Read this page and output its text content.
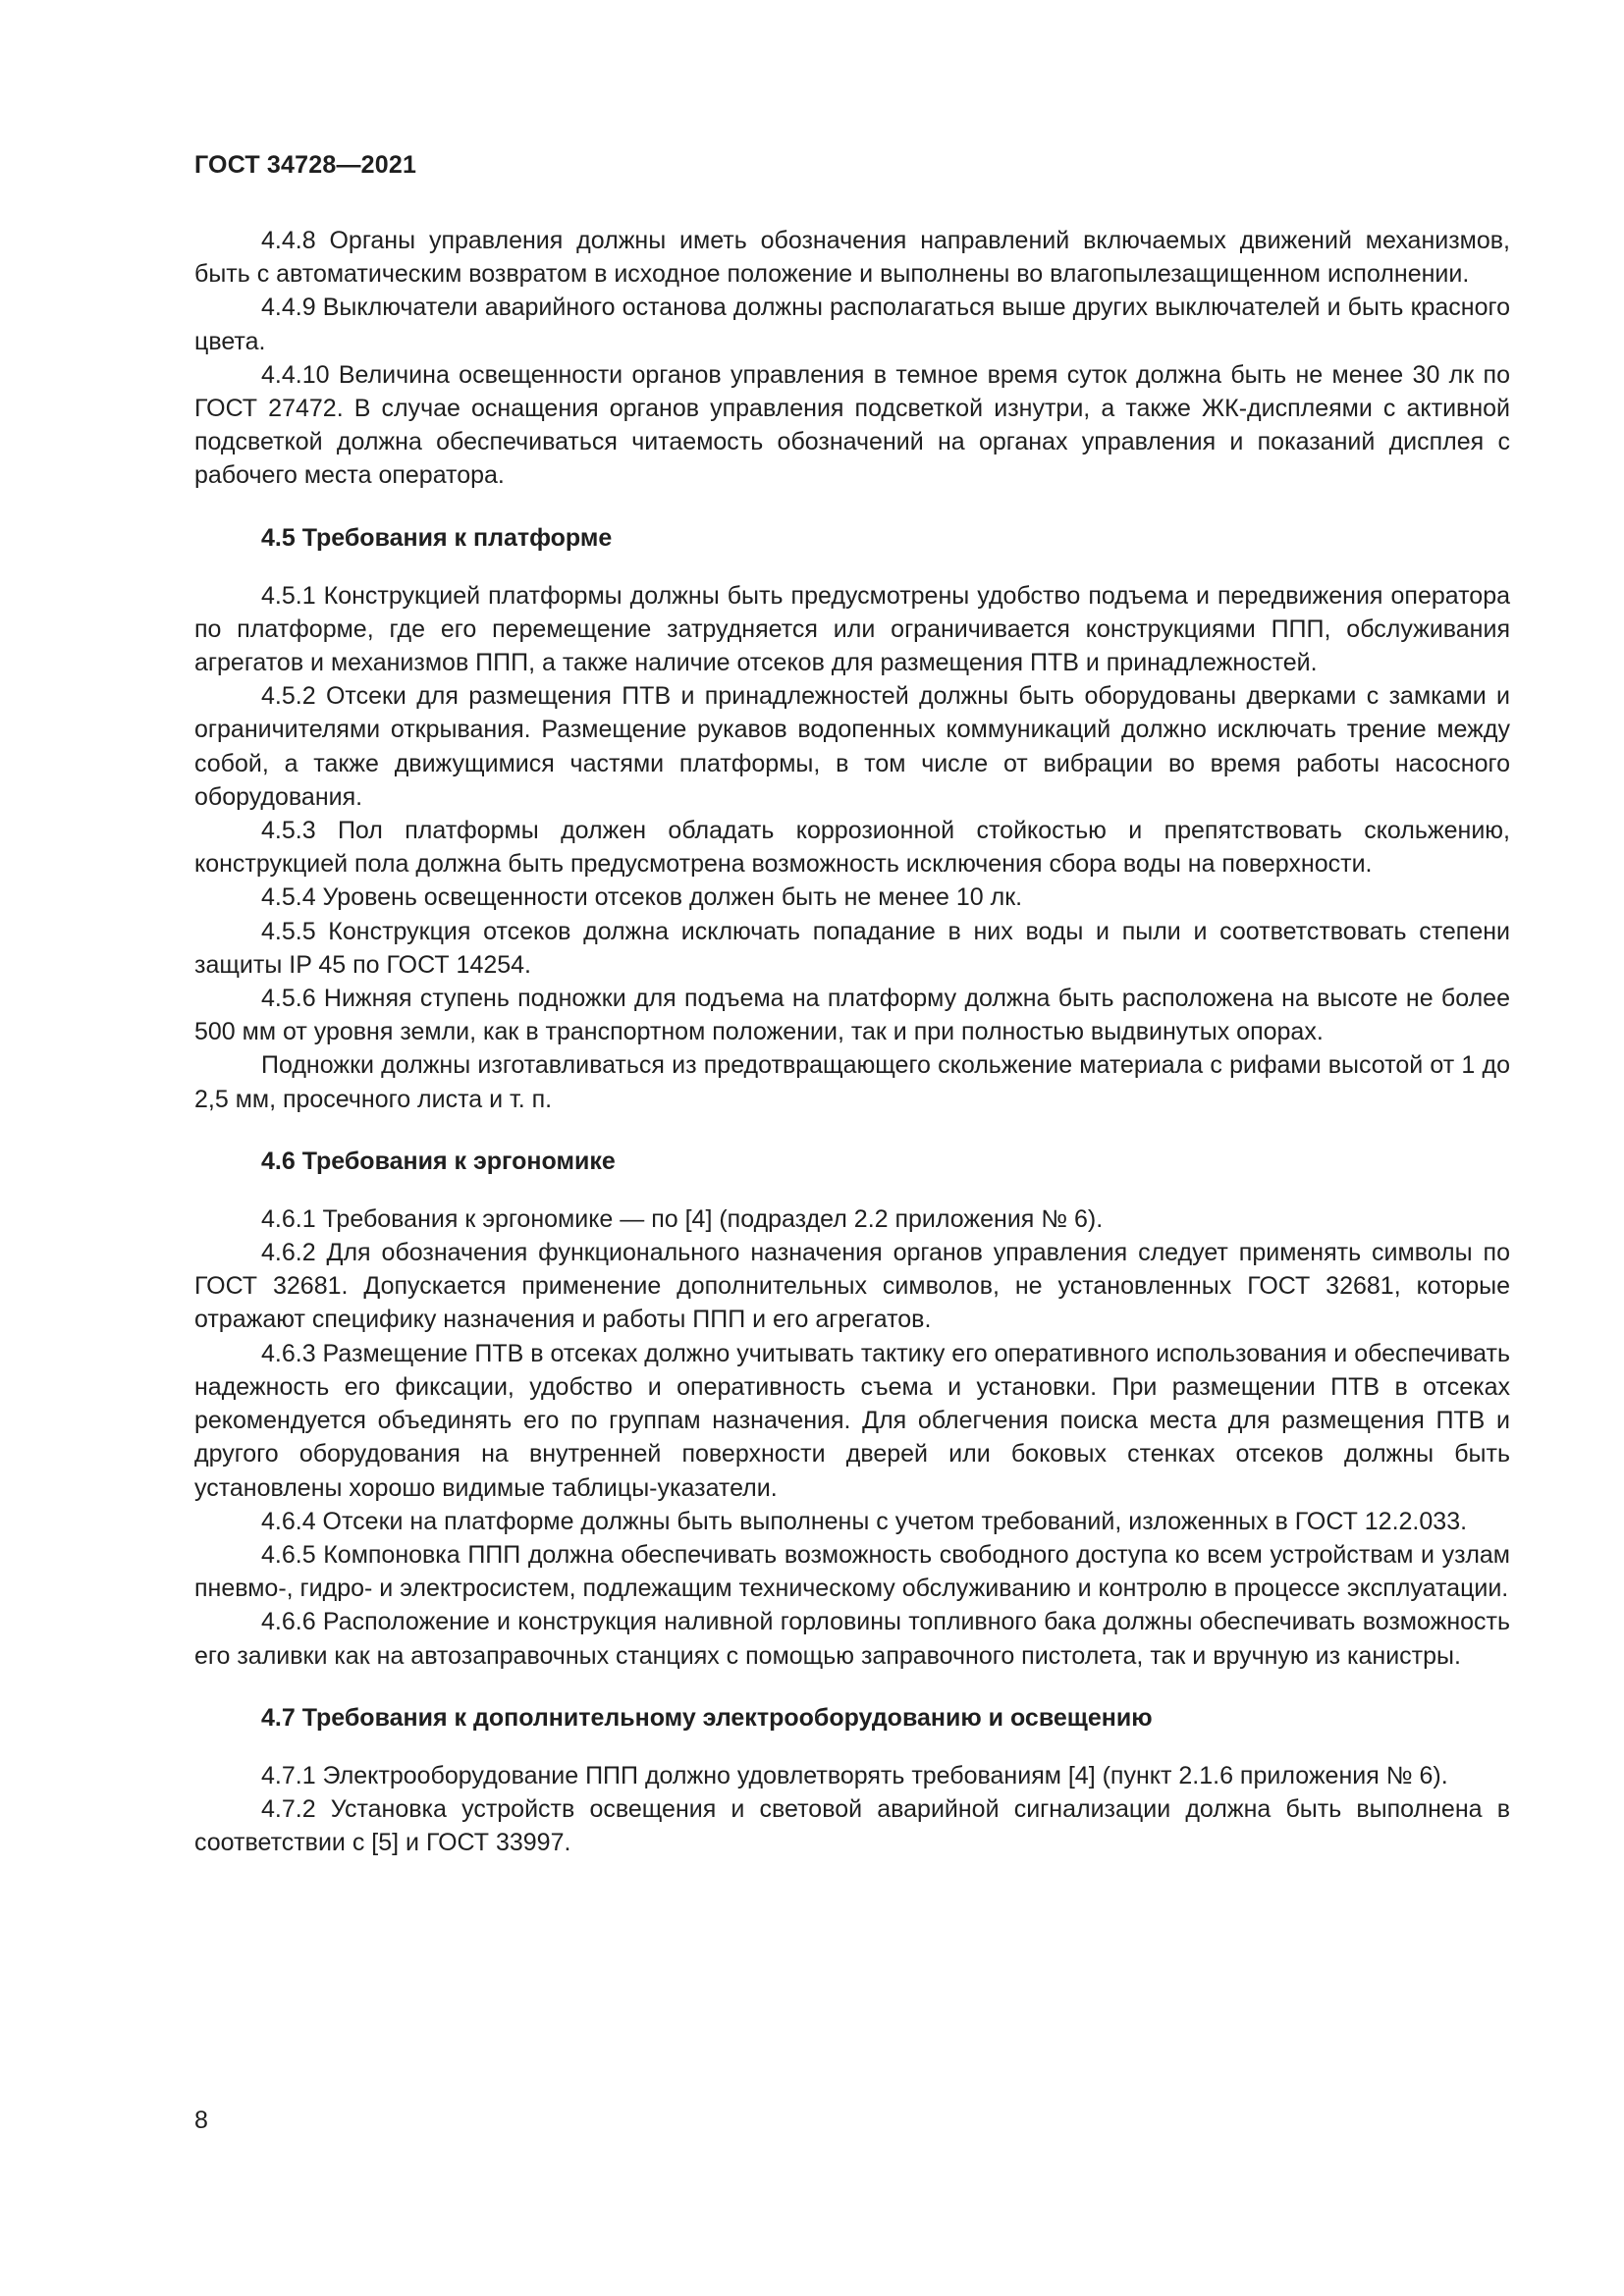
ГОСТ 34728—2021

4.4.8 Органы управления должны иметь обозначения направлений включаемых движений механизмов, быть с автоматическим возвратом в исходное положение и выполнены во влагопылезащищенном исполнении.

4.4.9 Выключатели аварийного останова должны располагаться выше других выключателей и быть красного цвета.

4.4.10 Величина освещенности органов управления в темное время суток должна быть не менее 30 лк по ГОСТ 27472. В случае оснащения органов управления подсветкой изнутри, а также ЖК-дисплеями с активной подсветкой должна обеспечиваться читаемость обозначений на органах управления и показаний дисплея с рабочего места оператора.

4.5 Требования к платформе

4.5.1 Конструкцией платформы должны быть предусмотрены удобство подъема и передвижения оператора по платформе, где его перемещение затрудняется или ограничивается конструкциями ППП, обслуживания агрегатов и механизмов ППП, а также наличие отсеков для размещения ПТВ и принадлежностей.

4.5.2 Отсеки для размещения ПТВ и принадлежностей должны быть оборудованы дверками с замками и ограничителями открывания. Размещение рукавов водопенных коммуникаций должно исключать трение между собой, а также движущимися частями платформы, в том числе от вибрации во время работы насосного оборудования.

4.5.3 Пол платформы должен обладать коррозионной стойкостью и препятствовать скольжению, конструкцией пола должна быть предусмотрена возможность исключения сбора воды на поверхности.

4.5.4 Уровень освещенности отсеков должен быть не менее 10 лк.

4.5.5 Конструкция отсеков должна исключать попадание в них воды и пыли и соответствовать степени защиты IP 45 по ГОСТ 14254.

4.5.6 Нижняя ступень подножки для подъема на платформу должна быть расположена на высоте не более 500 мм от уровня земли, как в транспортном положении, так и при полностью выдвинутых опорах.

Подножки должны изготавливаться из предотвращающего скольжение материала с рифами высотой от 1 до 2,5 мм, просечного листа и т. п.

4.6 Требования к эргономике

4.6.1 Требования к эргономике — по [4] (подраздел 2.2 приложения № 6).

4.6.2 Для обозначения функционального назначения органов управления следует применять символы по ГОСТ 32681. Допускается применение дополнительных символов, не установленных ГОСТ 32681, которые отражают специфику назначения и работы ППП и его агрегатов.

4.6.3 Размещение ПТВ в отсеках должно учитывать тактику его оперативного использования и обеспечивать надежность его фиксации, удобство и оперативность съема и установки. При размещении ПТВ в отсеках рекомендуется объединять его по группам назначения. Для облегчения поиска места для размещения ПТВ и другого оборудования на внутренней поверхности дверей или боковых стенках отсеков должны быть установлены хорошо видимые таблицы-указатели.

4.6.4 Отсеки на платформе должны быть выполнены с учетом требований, изложенных в ГОСТ 12.2.033.

4.6.5 Компоновка ППП должна обеспечивать возможность свободного доступа ко всем устройствам и узлам пневмо-, гидро- и электросистем, подлежащим техническому обслуживанию и контролю в процессе эксплуатации.

4.6.6 Расположение и конструкция наливной горловины топливного бака должны обеспечивать возможность его заливки как на автозаправочных станциях с помощью заправочного пистолета, так и вручную из канистры.

4.7 Требования к дополнительному электрооборудованию и освещению

4.7.1 Электрооборудование ППП должно удовлетворять требованиям [4] (пункт 2.1.6 приложения № 6).

4.7.2 Установка устройств освещения и световой аварийной сигнализации должна быть выполнена в соответствии с [5] и ГОСТ 33997.

8
